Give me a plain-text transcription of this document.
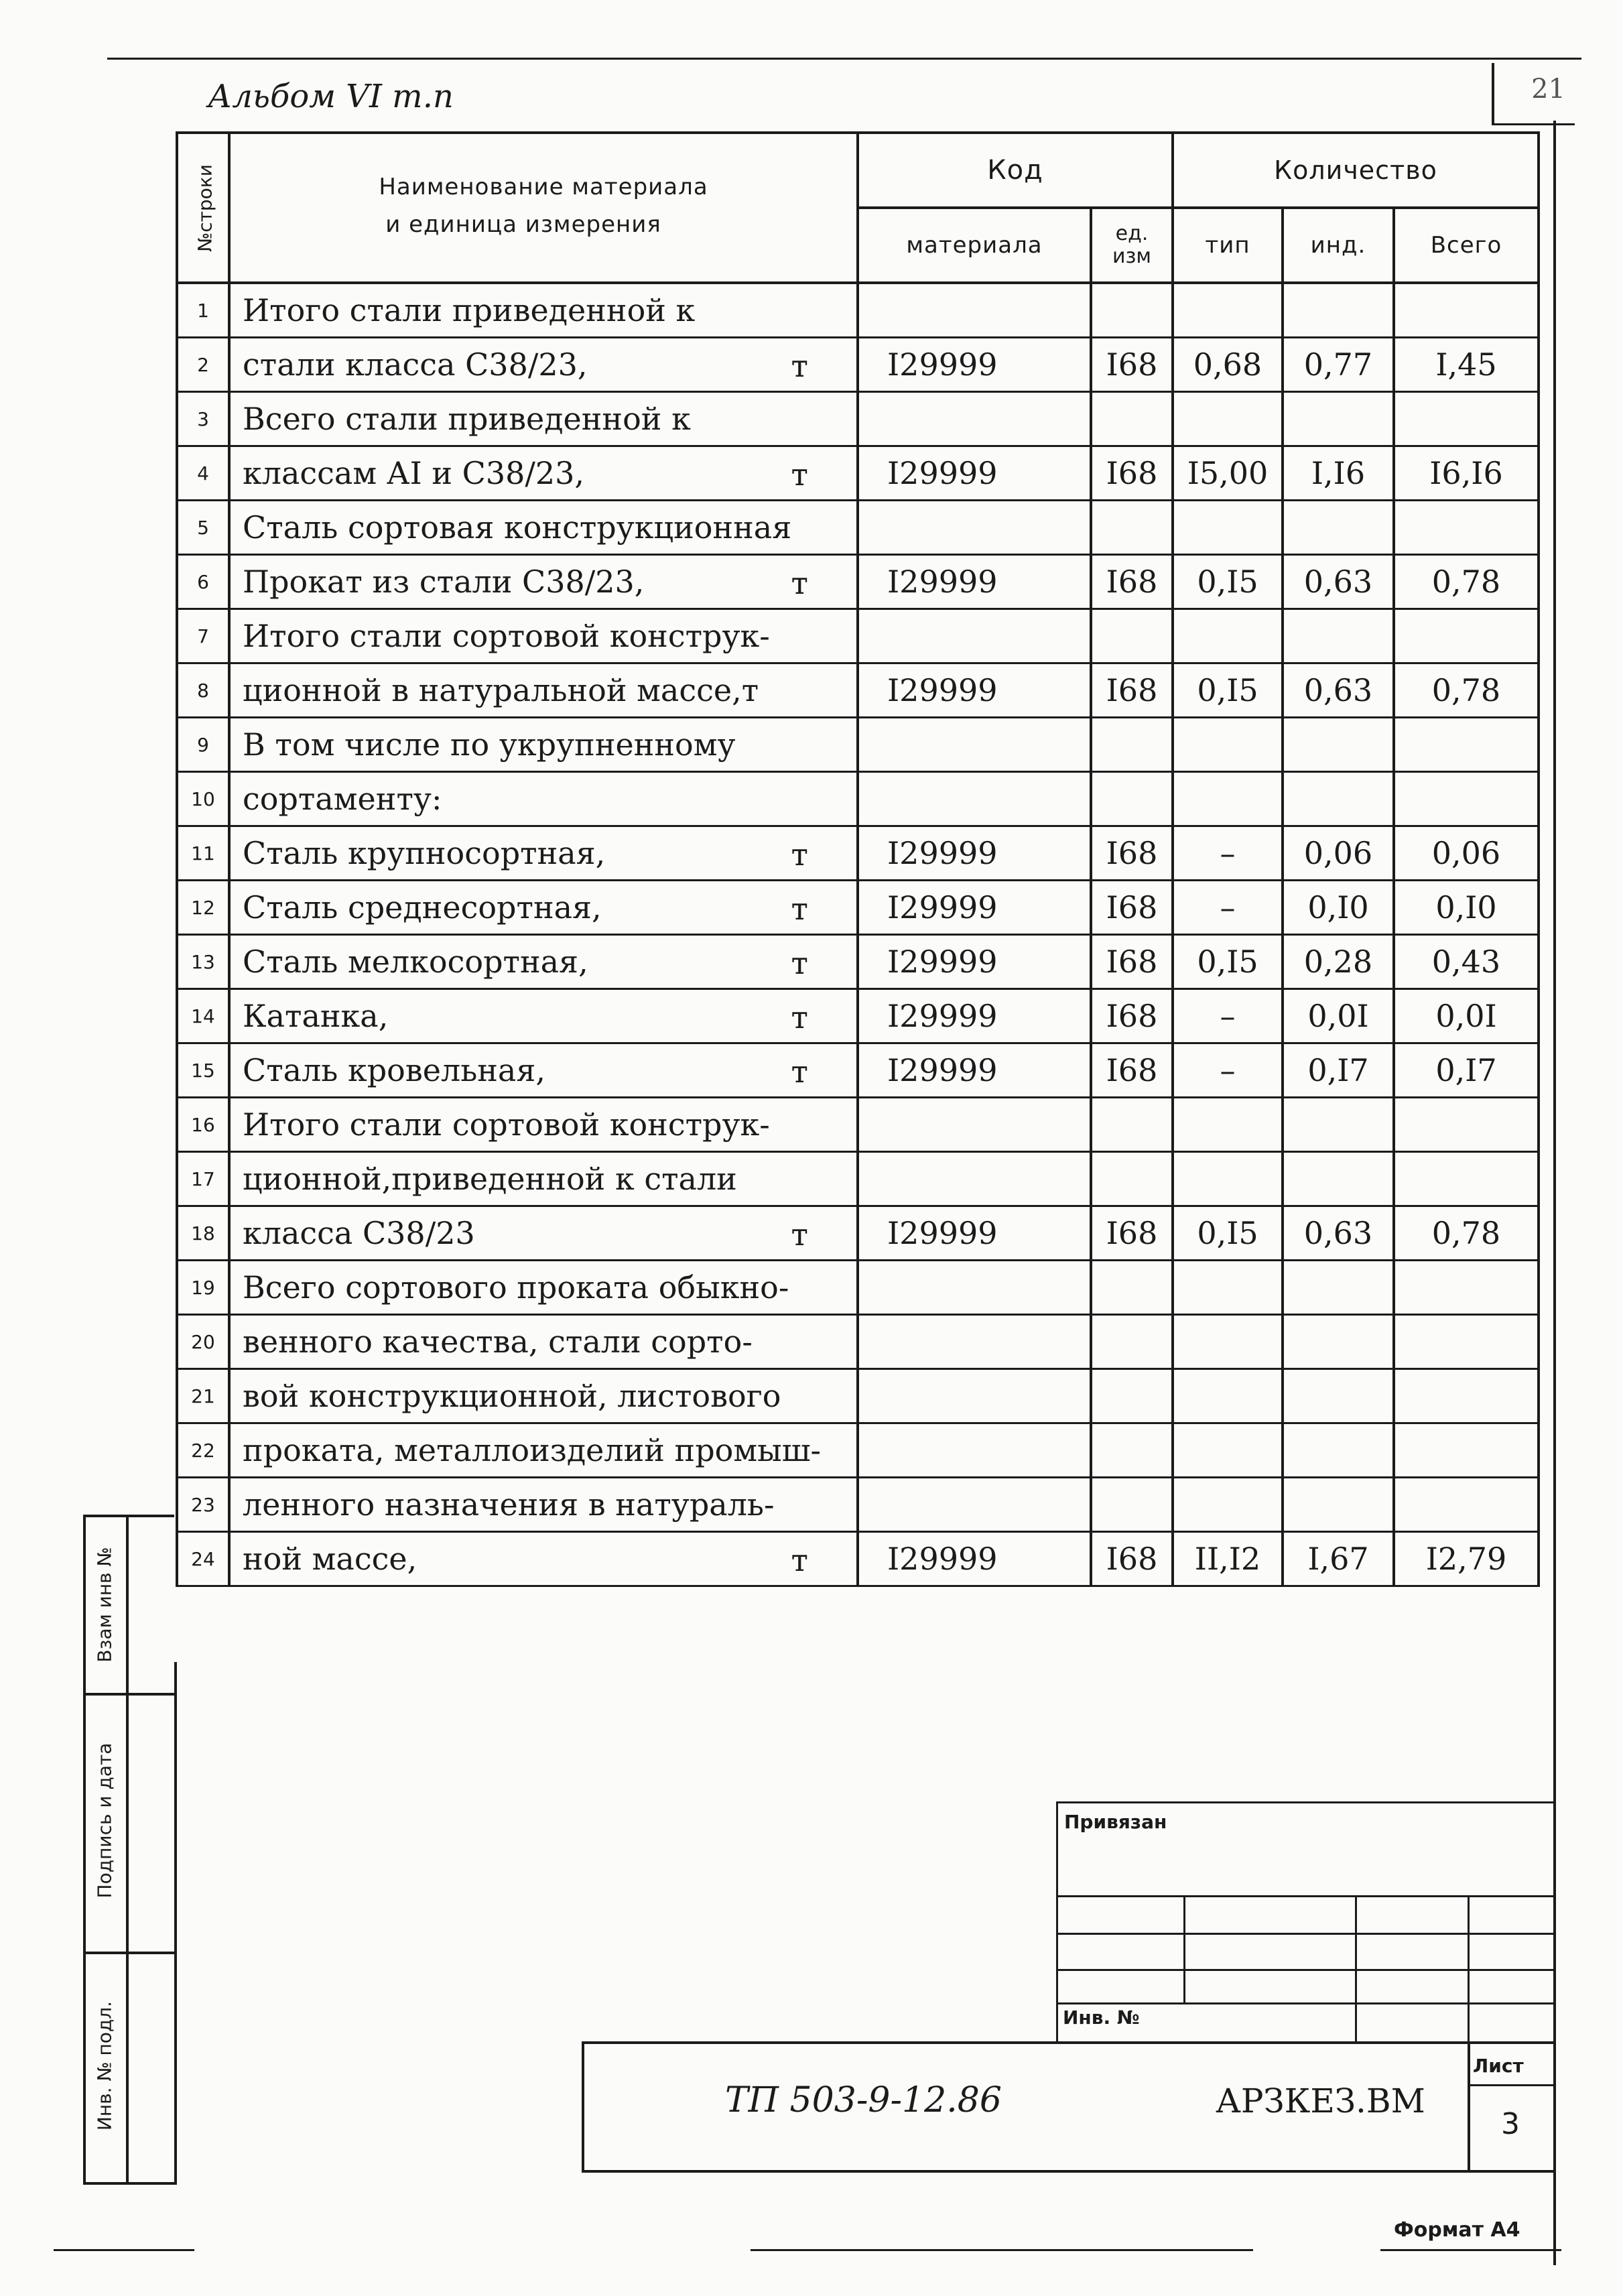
Альбом VI т.п	21
№строки	Наименование материала
и единица измерения	Код		Количество		
		материала	ед. изм	тип	инд.	Всего
1	Итого стали приведенной к

2	стали класса С38/23, т	I29999	I68	0,68	0,77	I,45
3	Всего стали приведенной к

4	классам АI и С38/23, т	I29999	I68	I5,00	I,I6	I6,I6
5	Сталь сортовая конструкционная

6	Прокат из стали С38/23, т	I29999	I68	0,I5	0,63	0,78
7	Итого стали сортовой конструк-

8	ционной в натуральной массе,т	I29999	I68	0,I5	0,63	0,78
9	В том числе по укрупненному

10	сортаменту:

11	Сталь крупносортная, т	I29999	I68	–	0,06	0,06
12	Сталь среднесортная, т	I29999	I68	–	0,I0	0,I0
13	Сталь мелкосортная, т	I29999	I68	0,I5	0,28	0,43
14	Катанка, т	I29999	I68	–	0,0I	0,0I
15	Сталь кровельная, т	I29999	I68	–	0,I7	0,I7
16	Итого стали сортовой конструк-

17	ционной,приведенной к стали

18	класса С38/23 т	I29999	I68	0,I5	0,63	0,78
19	Всего сортового проката обыкно-

20	венного качества, стали сорто-

21	вой конструкционной, листового

22	проката, металлоизделий промыш-

23	ленного назначения в натураль-

24	ной массе, т	I29999	I68	II,I2	I,67	I2,79
Взам инв №
Подпись и дата
Инв. № подл.
Привязан
Инв. №
ТП 503-9-12.86	АРЗКЕЗ.ВМ
Лист
3
Формат А4
